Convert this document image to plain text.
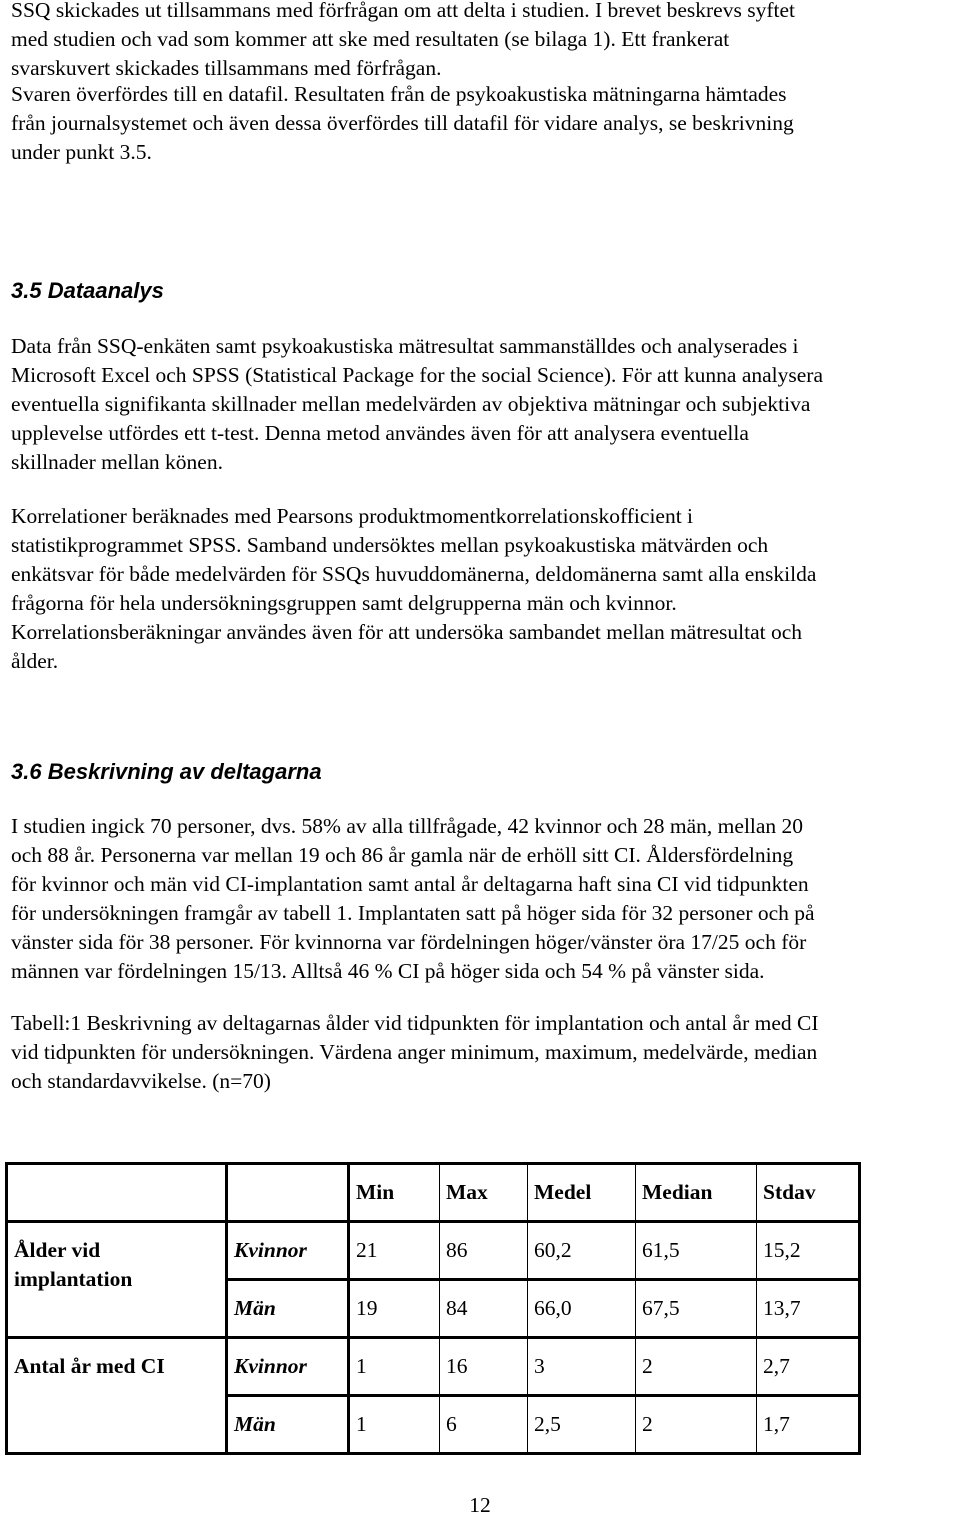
SSQ skickades ut tillsammans med förfrågan om att delta i studien. I brevet beskrevs syftet
med studien och vad som kommer att ske med resultaten (se bilaga 1). Ett frankerat
svarskuvert skickades tillsammans med förfrågan.
Svaren överfördes till en datafil. Resultaten från de psykoakustiska mätningarna hämtades
från journalsystemet och även dessa överfördes till datafil för vidare analys, se beskrivning
under punkt 3.5.
3.5 Dataanalys
Data från SSQ-enkäten samt psykoakustiska mätresultat sammanställdes och analyserades i
Microsoft Excel och SPSS (Statistical Package for the social Science). För att kunna analysera
eventuella signifikanta skillnader mellan medelvärden av objektiva mätningar och subjektiva
upplevelse utfördes ett t-test. Denna metod användes även för att analysera eventuella
skillnader mellan könen.
Korrelationer beräknades med Pearsons produktmomentkorrelationskofficient i
statistikprogrammet SPSS. Samband undersöktes mellan psykoakustiska mätvärden och
enkätsvar för både medelvärden för SSQs huvuddomänerna, deldomänerna samt alla enskilda
frågorna för hela undersökningsgruppen samt delgrupperna män och kvinnor.
Korrelationsberäkningar användes även för att undersöka sambandet mellan mätresultat och
ålder.
3.6 Beskrivning av deltagarna
I studien ingick 70 personer, dvs. 58% av alla tillfrågade, 42 kvinnor och 28 män, mellan 20
och 88 år. Personerna var mellan 19 och 86 år gamla när de erhöll sitt CI. Åldersfördelning
för kvinnor och män vid CI-implantation samt antal år deltagarna haft sina CI vid tidpunkten
för undersökningen framgår av tabell 1. Implantaten satt på höger sida för 32 personer och på
vänster sida för 38 personer. För kvinnorna var fördelningen höger/vänster öra 17/25 och för
männen var fördelningen 15/13. Alltså 46 % CI på höger sida och 54 % på vänster sida.
Tabell:1 Beskrivning av deltagarnas ålder vid tidpunkten för implantation och antal år med CI
vid tidpunkten för undersökningen. Värdena anger minimum, maximum, medelvärde, median
och standardavvikelse. (n=70)
		Min	Max	Medel	Median	Stdav

Ålder vid
implantation	Kvinnor	21	86	60,2	61,5	15,2
	Män	19	84	66,0	67,5	13,7
Antal år med CI	Kvinnor	1	16	3	2	2,7
	Män	1	6	2,5	2	1,7
12
